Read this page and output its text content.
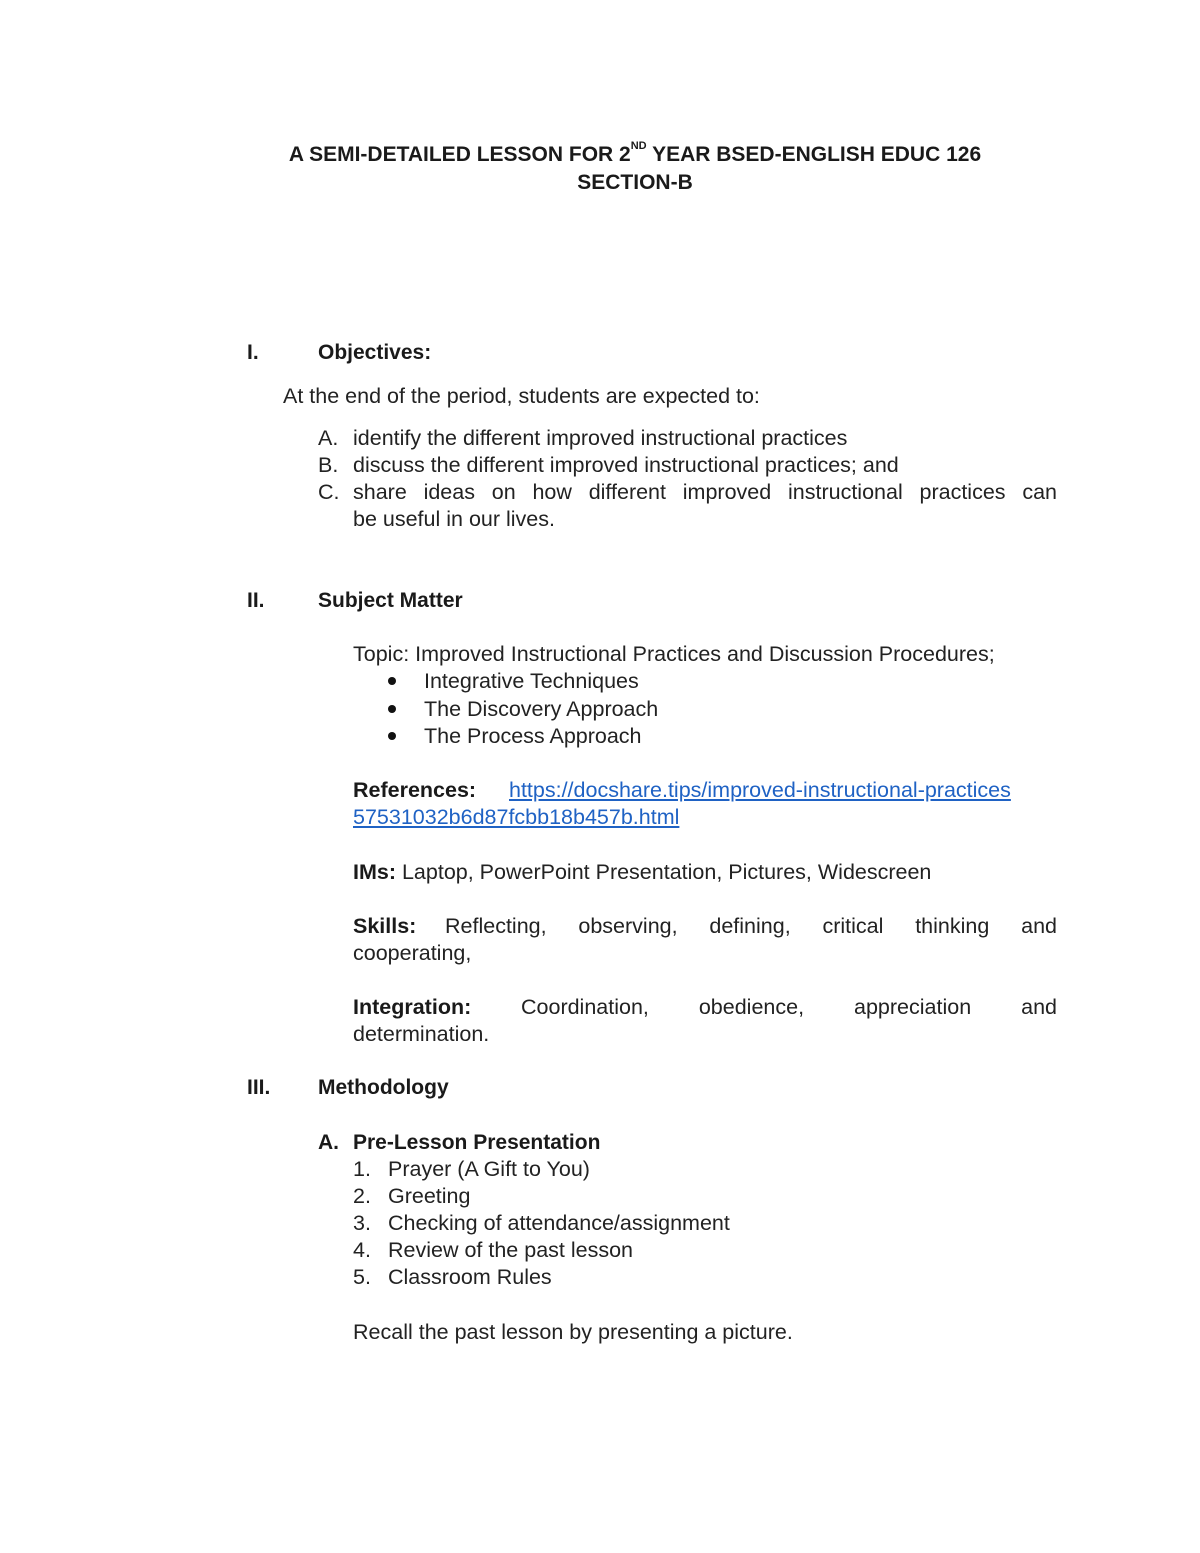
A SEMI-DETAILED LESSON FOR 2ND YEAR BSED-ENGLISH EDUC 126
SECTION-B
I.	Objectives:
At the end of the period, students are expected to:
A. identify the different improved instructional practices
B. discuss the different improved instructional practices; and
C. share ideas on how different improved instructional practices can
be useful in our lives.
II.	Subject Matter
Topic: Improved Instructional Practices and Discussion Procedures;
Integrative Techniques
The Discovery Approach
The Process Approach
References: https://docshare.tips/improved-instructional-practices
57531032b6d87fcbb18b457b.html
IMs: Laptop, PowerPoint Presentation, Pictures, Widescreen
Skills: Reflecting, observing, defining, critical thinking and
cooperating,
Integration: Coordination, obedience, appreciation and
determination.
III. Methodology
A. Pre-Lesson Presentation
1. Prayer (A Gift to You)
2. Greeting
3. Checking of attendance/assignment
4. Review of the past lesson
5. Classroom Rules
Recall the past lesson by presenting a picture.
